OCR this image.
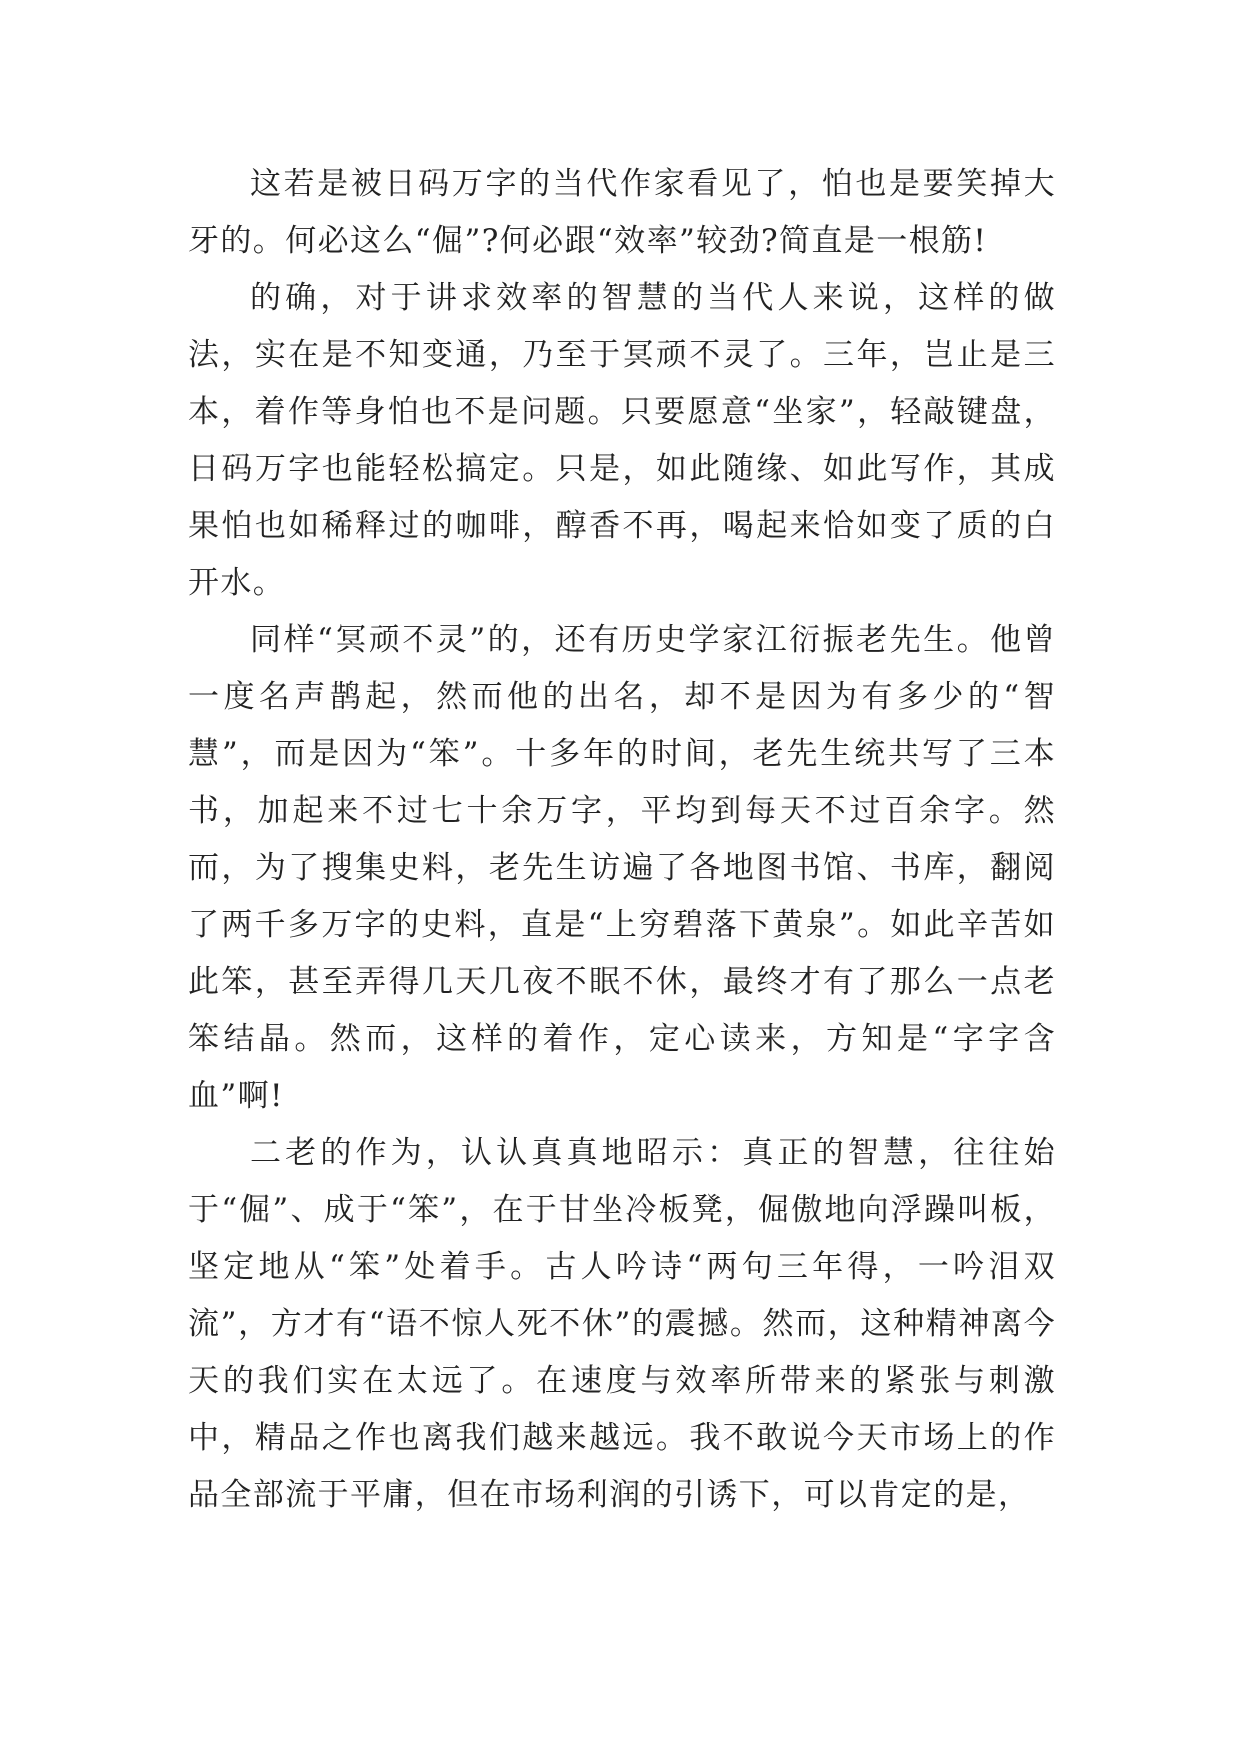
这若是被日码万字的当代作家看见了，怕也是要笑掉大牙的。何必这么“倔”?何必跟“效率”较劲?简直是一根筋!

的确，对于讲求效率的智慧的当代人来说，这样的做法，实在是不知变通，乃至于冥顽不灵了。三年，岂止是三本，着作等身怕也不是问题。只要愿意“坐家”，轻敲键盘，日码万字也能轻松搞定。只是，如此随缘、如此写作，其成果怕也如稀释过的咖啡，醇香不再，喝起来恰如变了质的白开水。

同样“冥顽不灵”的，还有历史学家江衍振老先生。他曾一度名声鹊起，然而他的出名，却不是因为有多少的“智慧”，而是因为“笨”。十多年的时间，老先生统共写了三本书，加起来不过七十余万字，平均到每天不过百余字。然而，为了搜集史料，老先生访遍了各地图书馆、书库，翻阅了两千多万字的史料，直是“上穷碧落下黄泉”。如此辛苦如此笨，甚至弄得几天几夜不眠不休，最终才有了那么一点老笨结晶。然而，这样的着作，定心读来，方知是“字字含血”啊!

二老的作为，认认真真地昭示：真正的智慧，往往始于“倔”、成于“笨”，在于甘坐冷板凳，倔傲地向浮躁叫板，坚定地从“笨”处着手。古人吟诗“两句三年得，一吟泪双流”，方才有“语不惊人死不休”的震撼。然而，这种精神离今天的我们实在太远了。在速度与效率所带来的紧张与刺激中，精品之作也离我们越来越远。我不敢说今天市场上的作品全部流于平庸，但在市场利润的引诱下，可以肯定的是，
